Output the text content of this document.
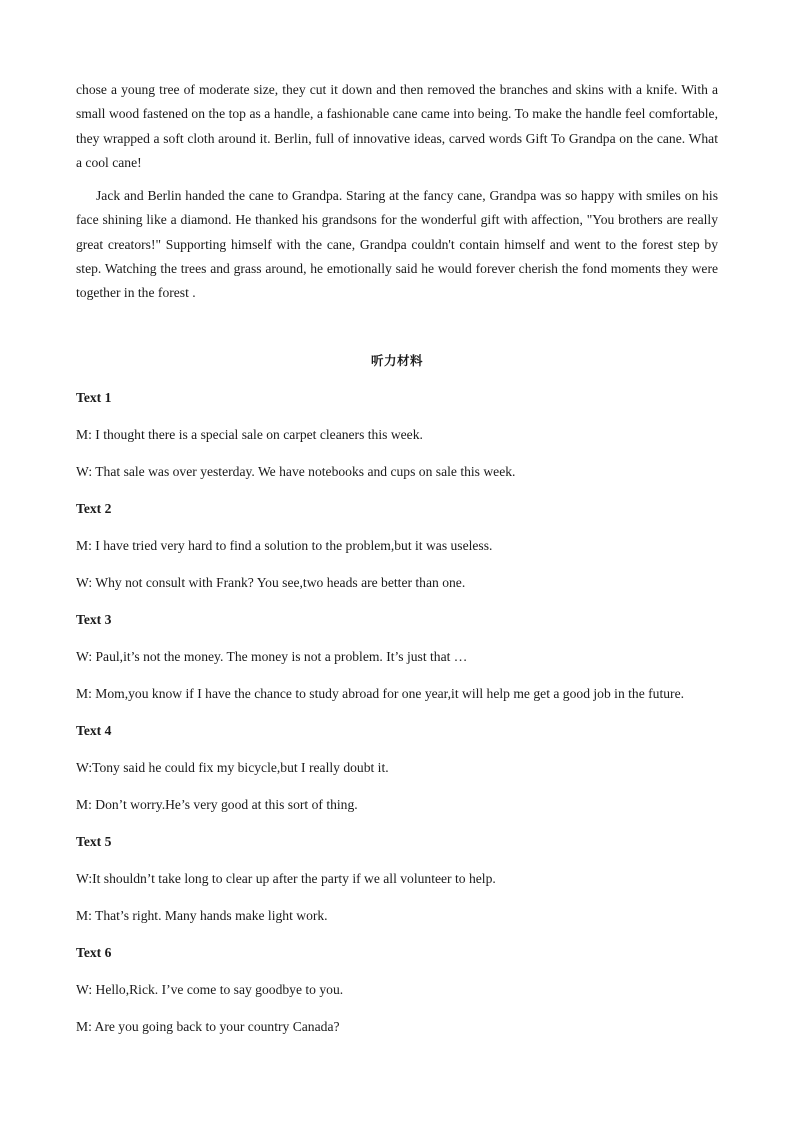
chose a young tree of moderate size, they cut it down and then removed the branches and skins with a knife. With a small wood fastened on the top as a handle, a fashionable cane came into being. To make the handle feel comfortable, they wrapped a soft cloth around it. Berlin, full of innovative ideas, carved words Gift To Grandpa on the cane. What a cool cane!

Jack and Berlin handed the cane to Grandpa. Staring at the fancy cane, Grandpa was so happy with smiles on his face shining like a diamond. He thanked his grandsons for the wonderful gift with affection, "You brothers are really great creators!" Supporting himself with the cane, Grandpa couldn't contain himself and went to the forest step by step. Watching the trees and grass around, he emotionally said he would forever cherish the fond moments they were together in the forest .

听力材料
Text 1
M: I thought there is a special sale on carpet cleaners this week.
W: That sale was over yesterday. We have notebooks and cups on sale this week.
Text 2
M: I have tried very hard to find a solution to the problem,but it was useless.
W: Why not consult with Frank? You see,two heads are better than one.
Text 3
W: Paul,it’s not the money. The money is not a problem. It’s just that …
M: Mom,you know if I have the chance to study abroad for one year,it will help me get a good job in the future.
Text 4
W:Tony said he could fix my bicycle,but I really doubt it.
M: Don’t worry.He’s very good at this sort of thing.
Text 5
W:It shouldn’t take long to clear up after the party if we all volunteer to help.
M: That’s right. Many hands make light work.
Text 6
W: Hello,Rick. I’ve come to say goodbye to you.
M: Are you going back to your country Canada?
